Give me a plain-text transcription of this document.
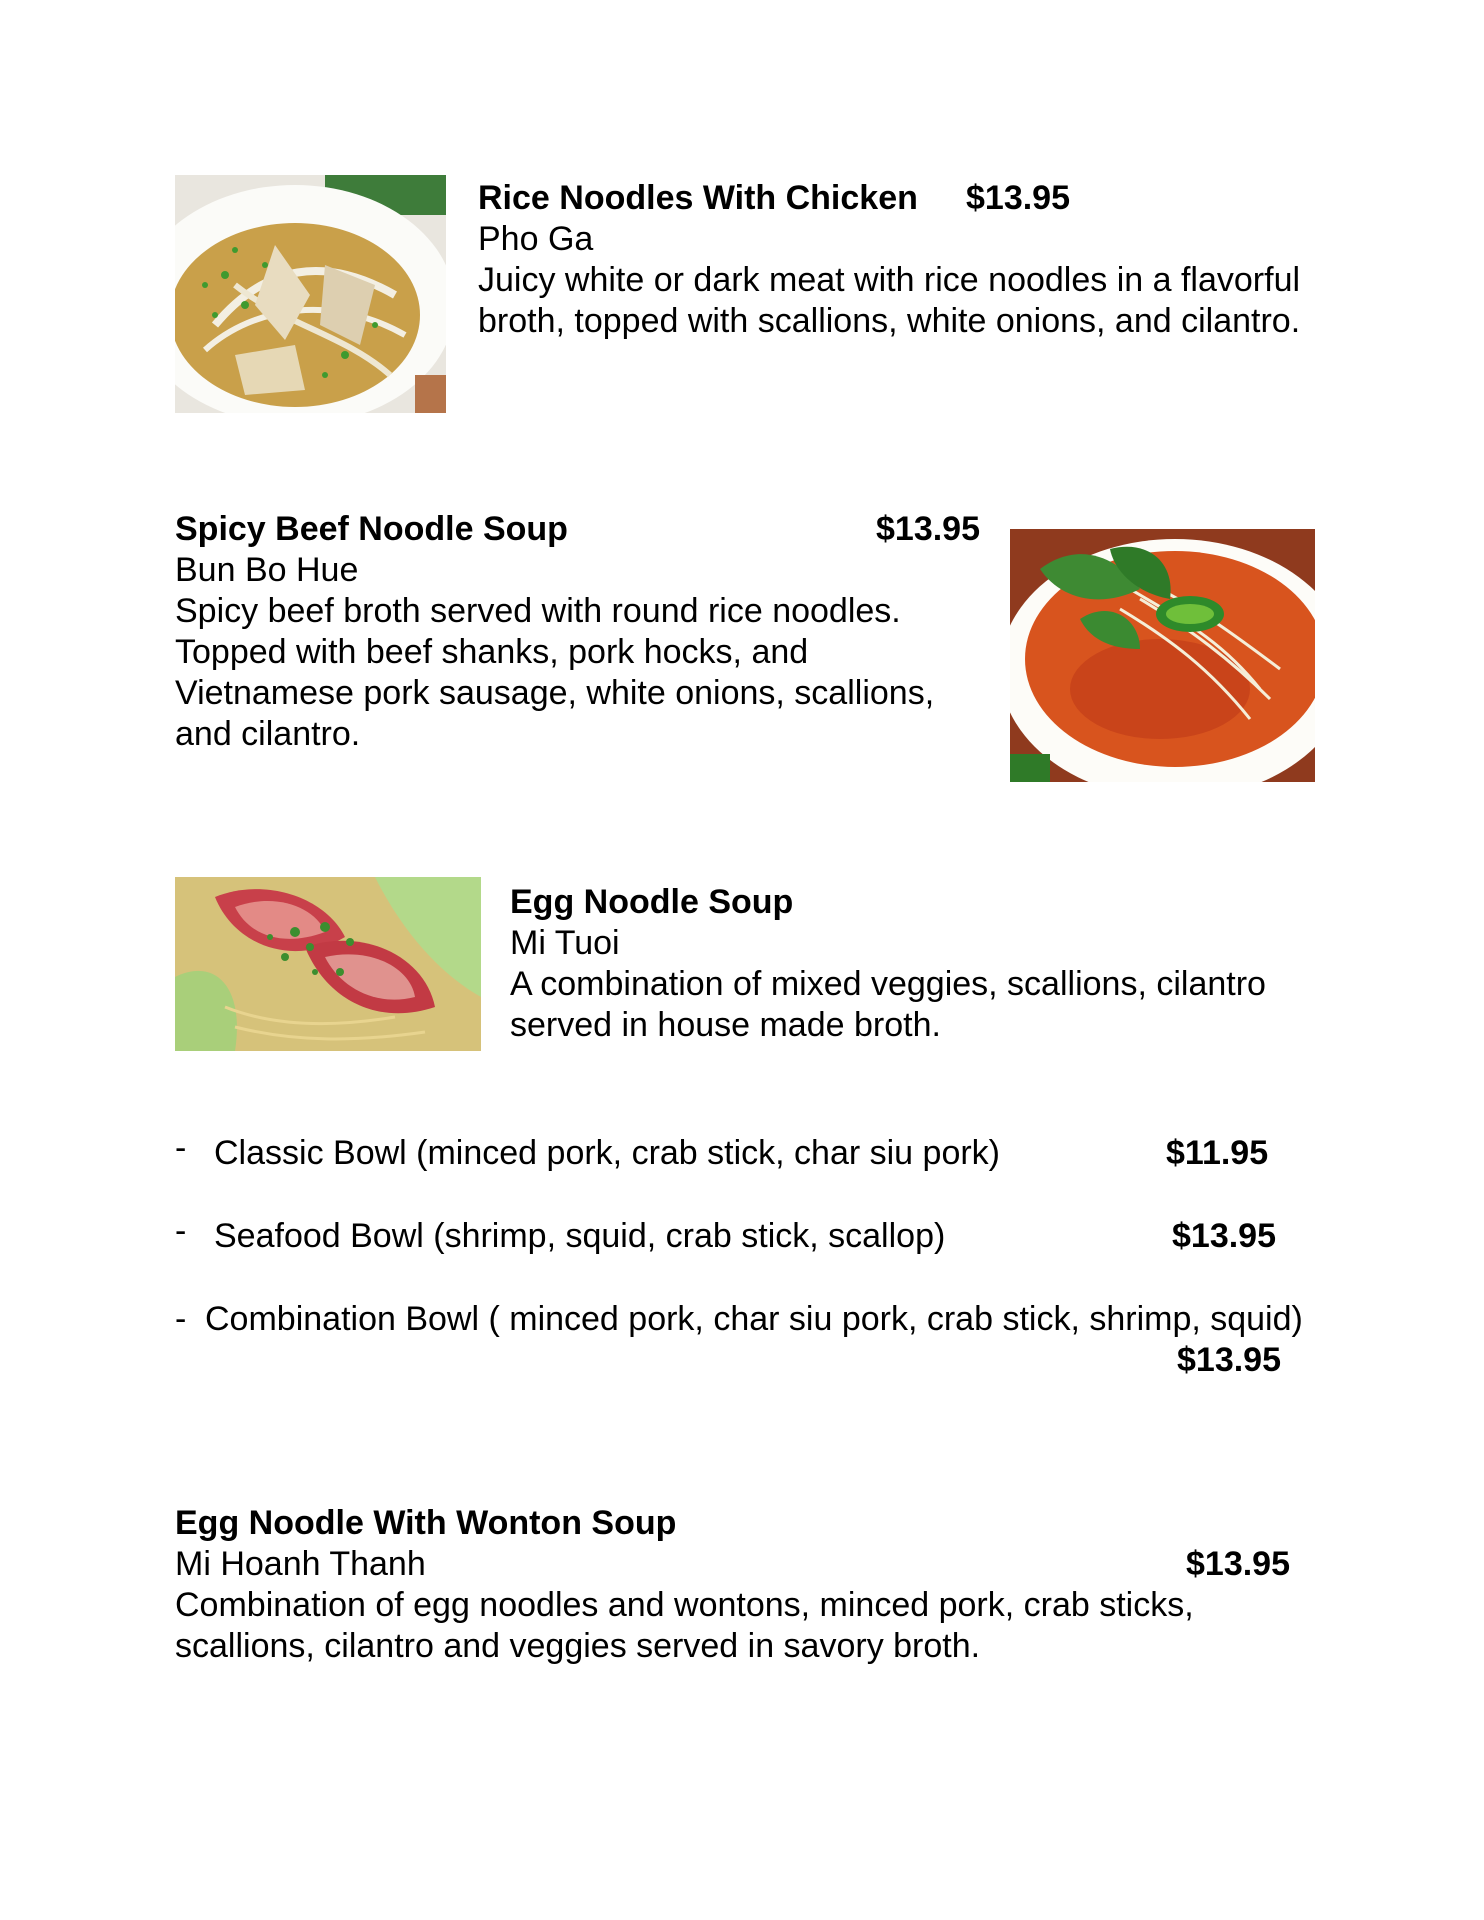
Rice Noodles With Chicken $13.95
Pho Ga
Juicy white or dark meat with rice noodles in a flavorful broth, topped with scallions, white onions, and cilantro.
Spicy Beef Noodle Soup	$13.95
Bun Bo Hue
Spicy beef broth served with round rice noodles. Topped with beef shanks, pork hocks, and Vietnamese pork sausage, white onions, scallions, and cilantro.
Egg Noodle Soup
Mi Tuoi
A combination of mixed veggies, scallions, cilantro served in house made broth.
- Classic Bowl (minced pork, crab stick, char siu pork)	$11.95
- Seafood Bowl (shrimp, squid, crab stick, scallop)	$13.95
- Combination Bowl ( minced pork, char siu pork, crab stick, shrimp, squid)
$13.95
Egg Noodle With Wonton Soup
Mi Hoanh Thanh	$13.95
Combination of egg noodles and wontons, minced pork, crab sticks, scallions, cilantro and veggies served in savory broth.
